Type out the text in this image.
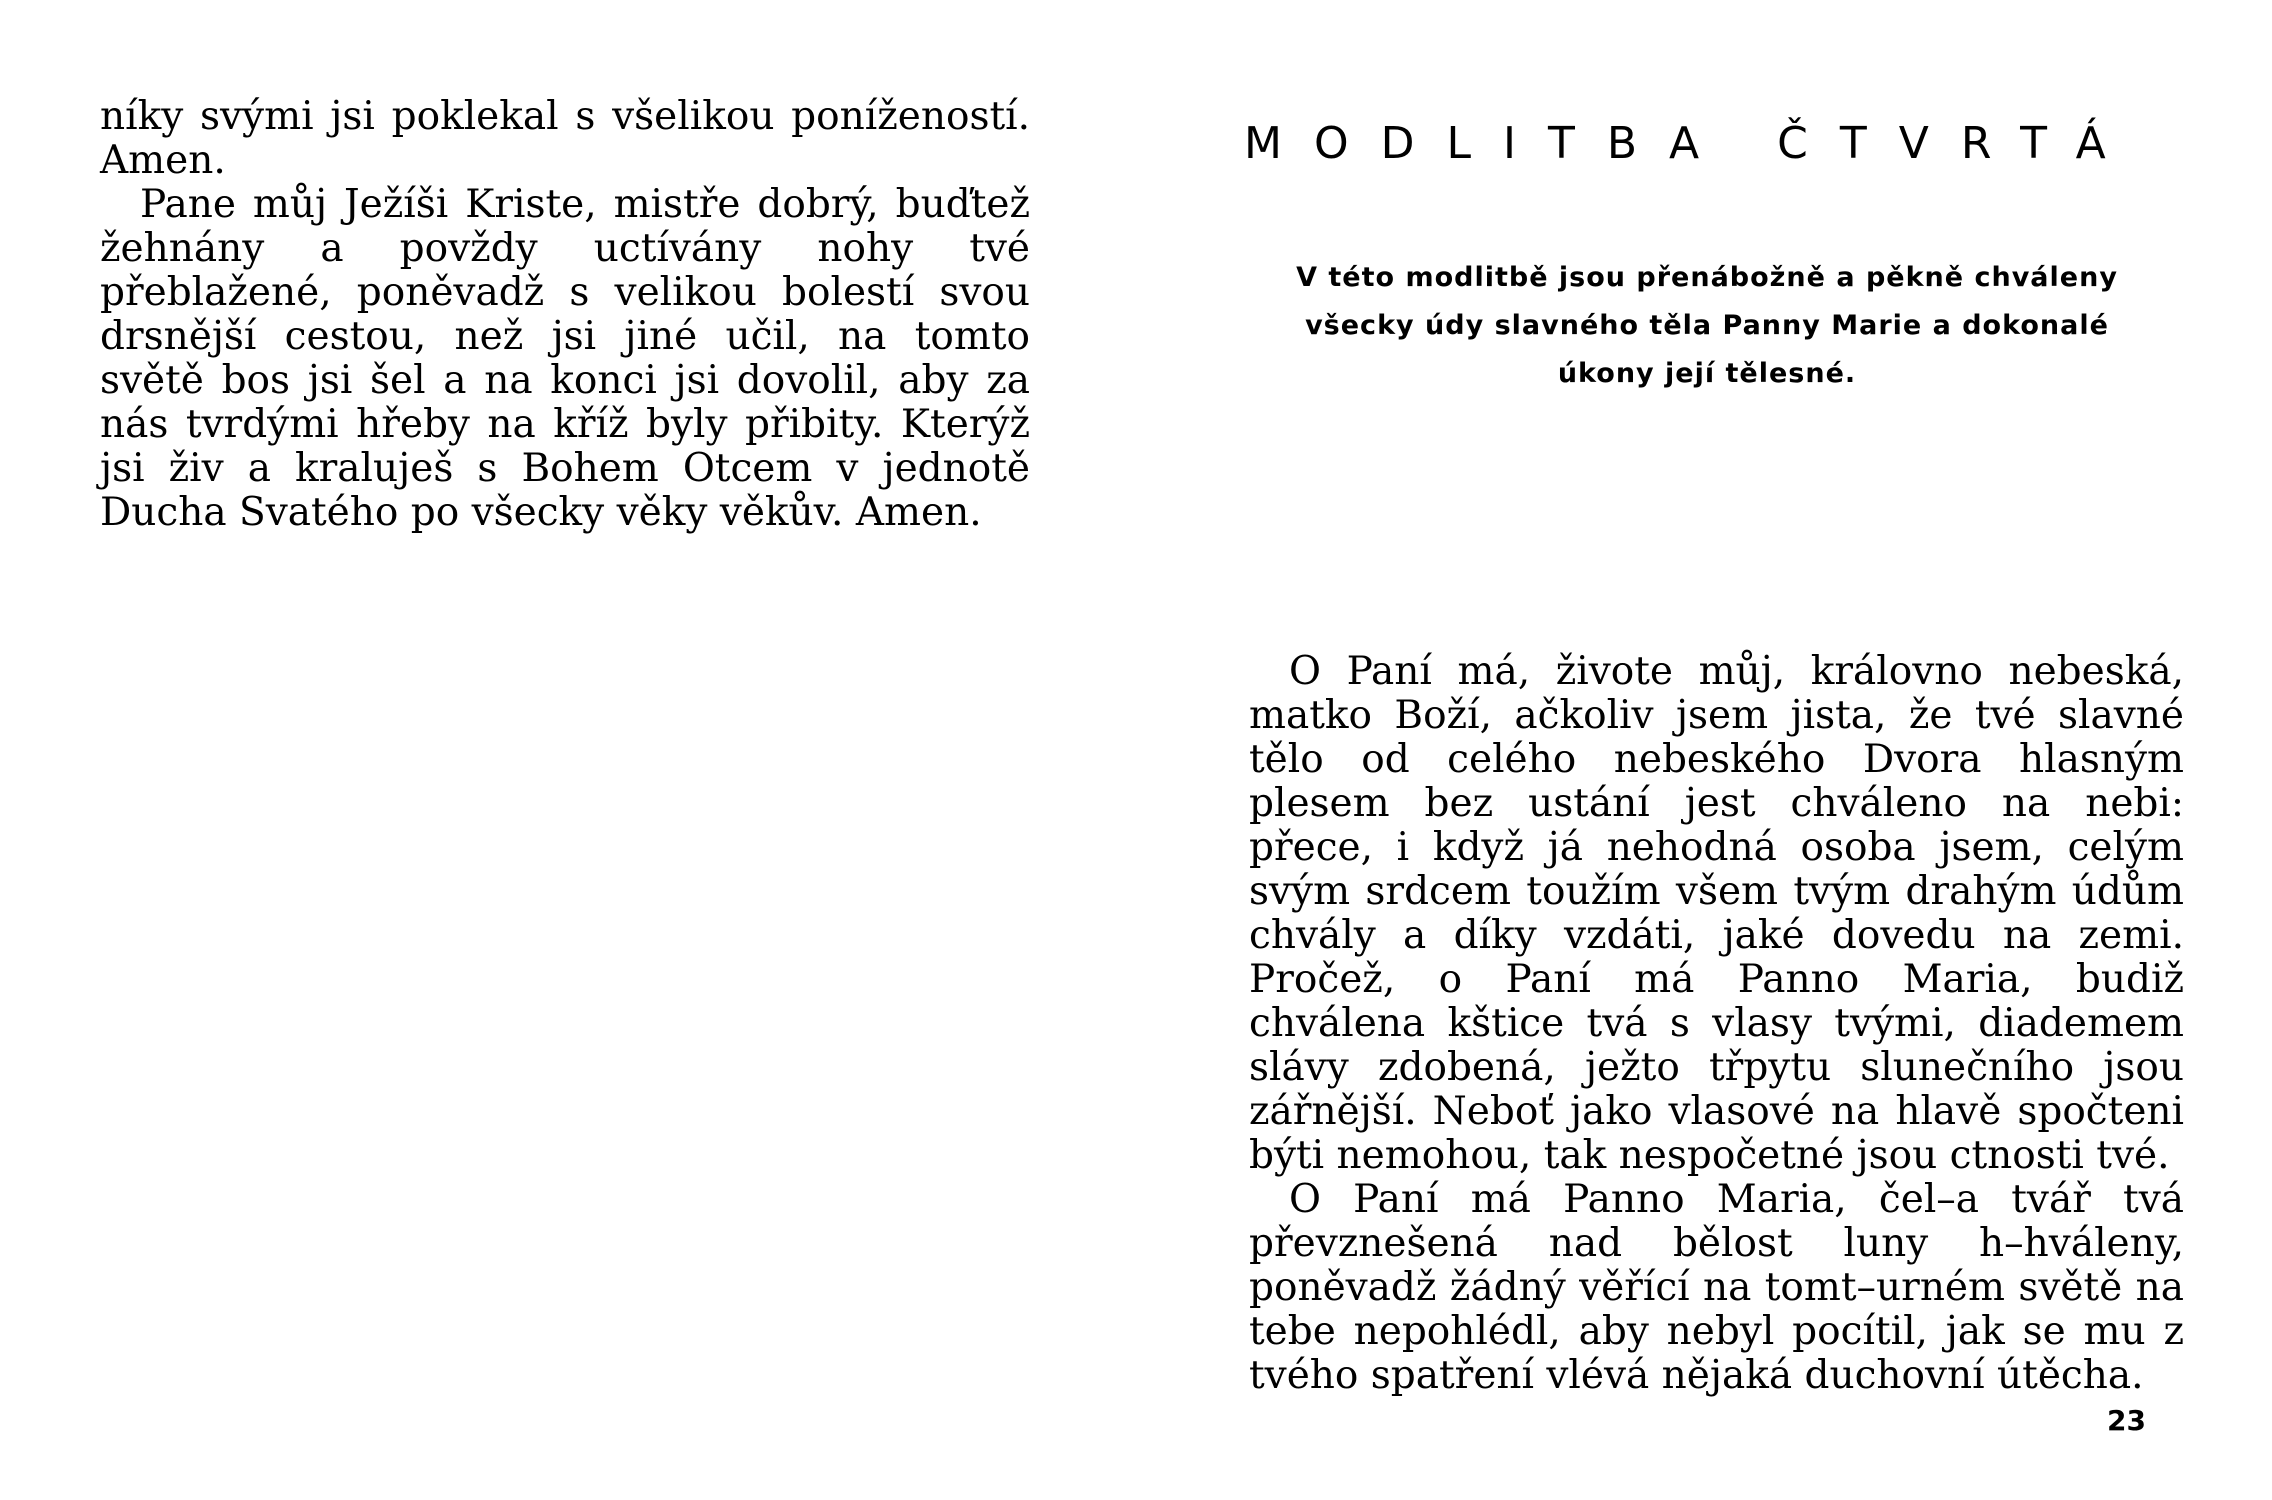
níky svými jsi poklekal s všelikou ponížeností. Amen.

Pane můj Ježíši Kriste, mistře dobrý, buďtež žehnány a povždy uctívány nohy tvé přeblažené, poněvadž s velikou bolestí svou drsnější cestou, než jsi jiné učil, na tomto světě bos jsi šel a na konci jsi dovolil, aby za nás tvrdými hřeby na kříž byly přibity. Kterýž jsi živ a kraluješ s Bohem Otcem v jednotě Ducha Svatého po všecky věky věkův. Amen.

MODLITBA ČTVRTÁ

V této modlitbě jsou přenábožně a pěkně chváleny všecky údy slavného těla Panny Marie a dokonalé úkony její tělesné.

O Paní má, živote můj, královno nebeská, matko Boží, ačkoliv jsem jista, že tvé slavné tělo od celého nebeského Dvora hlasným plesem bez ustání jest chváleno na nebi: přece, i když já nehodná osoba jsem, celým svým srdcem toužím všem tvým drahým údům chvály a díky vzdáti, jaké dovedu na zemi. Pročež, o Paní má Panno Maria, budiž chválena kštice tvá s vlasy tvými, diademem slávy zdobená, ježto třpytu slunečního jsou zářnější. Neboť jako vlasové na hlavě spočteni býti nemohou, tak nespočetné jsou ctnosti tvé.

O Paní má Panno Maria, čel–a tvář tvá převznešená nad bělost luny h–hváleny, poněvadž žádný věřící na tomt–urném světě na tebe nepohlédl, aby nebyl pocítil, jak se mu z tvého spatření vlévá nějaká duchovní útěcha.

23
